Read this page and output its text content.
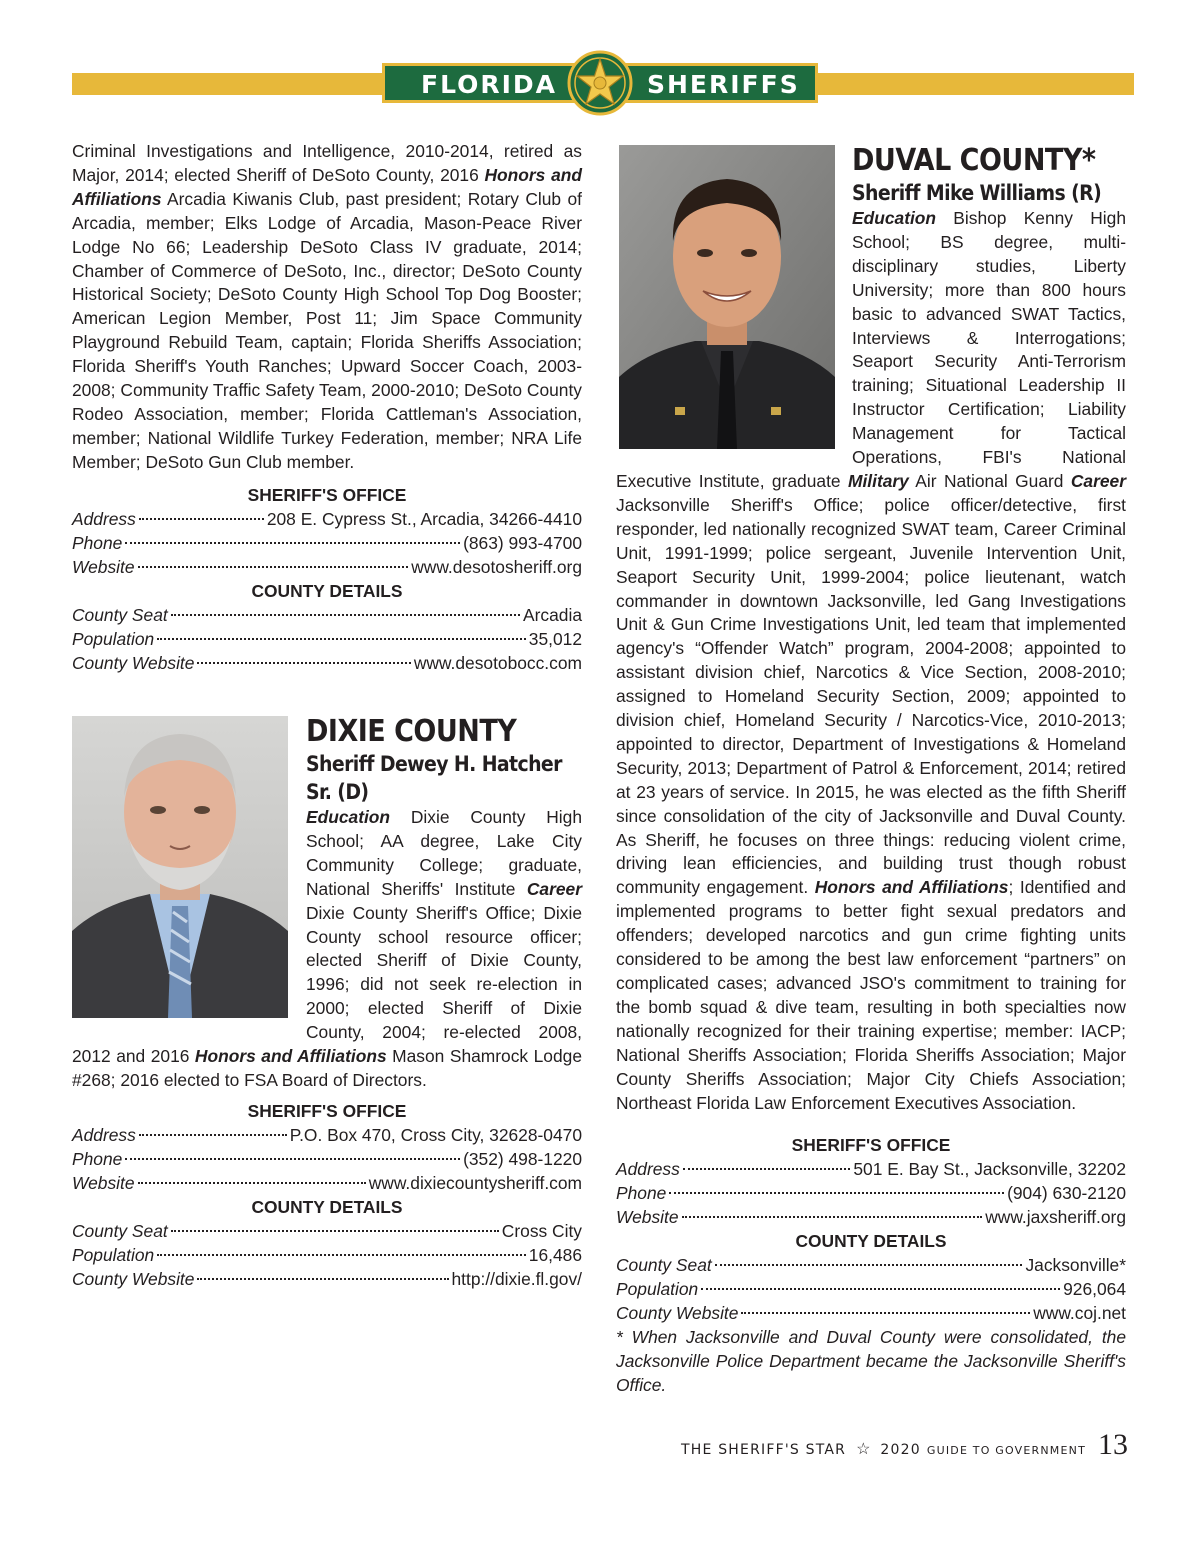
FLORIDA	SHERIFFS

Criminal Investigations and Intelligence, 2010-2014, retired as Major, 2014; elected Sheriff of DeSoto County, 2016 Honors and Affiliations Arcadia Kiwanis Club, past president; Rotary Club of Arcadia, member; Elks Lodge of Arcadia, Mason-Peace River Lodge No 66; Leadership DeSoto Class IV graduate, 2014; Chamber of Commerce of DeSoto, Inc., director; DeSoto County Historical Society; DeSoto County High School Top Dog Booster; American Legion Member, Post 11; Jim Space Community Playground Rebuild Team, captain; Florida Sheriffs Association; Florida Sheriff's Youth Ranches; Upward Soccer Coach, 2003-2008; Community Traffic Safety Team, 2000-2010; DeSoto County Rodeo Association, member; Florida Cattleman's Association, member; National Wildlife Turkey Federation, member; NRA Life Member; DeSoto Gun Club member.

SHERIFF'S OFFICE
Address	208 E. Cypress St., Arcadia, 34266-4410
Phone	(863) 993-4700
Website	www.desotosheriff.org
COUNTY DETAILS
County Seat	Arcadia
Population	35,012
County Website	www.desotobocc.com
DIXIE COUNTY
Sheriff Dewey H. Hatcher Sr. (D)

Education Dixie County High School; AA degree, Lake City Community College; graduate, National Sheriffs' Institute Career Dixie County Sheriff's Office; Dixie County school resource officer; elected Sheriff of Dixie County, 1996; did not seek re-election in 2000; elected Sheriff of Dixie County, 2004; re-elected 2008, 2012 and 2016 Honors and Affiliations Mason Shamrock Lodge #268; 2016 elected to FSA Board of Directors.

SHERIFF'S OFFICE
Address	P.O. Box 470, Cross City, 32628-0470
Phone	(352) 498-1220
Website	www.dixiecountysheriff.com
COUNTY DETAILS
County Seat	Cross City
Population	16,486
County Website	http://dixie.fl.gov/
DUVAL COUNTY*
Sheriff Mike Williams (R)

Education Bishop Kenny High School; BS degree, multi-disciplinary studies, Liberty University; more than 800 hours basic to advanced SWAT Tactics, Interviews & Interrogations; Seaport Security Anti-Terrorism training; Situational Leadership II Instructor Certification; Liability Management for Tactical Operations, FBI's National Executive Institute, graduate Military Air National Guard Career Jacksonville Sheriff's Office; police officer/detective, first responder, led nationally recognized SWAT team, Career Criminal Unit, 1991-1999; police sergeant, Juvenile Intervention Unit, Seaport Security Unit, 1999-2004; police lieutenant, watch commander in downtown Jacksonville, led Gang Investigations Unit & Gun Crime Investigations Unit, led team that implemented agency's “Offender Watch” program, 2004-2008; appointed to assistant division chief, Narcotics & Vice Section, 2008-2010; assigned to Homeland Security Section, 2009; appointed to division chief, Homeland Security / Narcotics-Vice, 2010-2013; appointed to director, Department of Investigations & Homeland Security, 2013; Department of Patrol & Enforcement, 2014; retired at 23 years of service. In 2015, he was elected as the fifth Sheriff since consolidation of the city of Jacksonville and Duval County. As Sheriff, he focuses on three things: reducing violent crime, driving lean efficiencies, and building trust though robust community engagement. Honors and Affiliations; Identified and implemented programs to better fight sexual predators and offenders; developed narcotics and gun crime fighting units considered to be among the best law enforcement “partners” on complicated cases; advanced JSO's commitment to training for the bomb squad & dive team, resulting in both specialties now nationally recognized for their training expertise; member: IACP; National Sheriffs Association; Florida Sheriffs Association; Major County Sheriffs Association; Major City Chiefs Association; Northeast Florida Law Enforcement Executives Association.

SHERIFF'S OFFICE
Address	501 E. Bay St., Jacksonville, 32202
Phone	(904) 630-2120
Website	www.jaxsheriff.org
COUNTY DETAILS
County Seat	Jacksonville*
Population	926,064
County Website	www.coj.net

* When Jacksonville and Duval County were consolidated, the Jacksonville Police Department became the Jacksonville Sheriff's Office.

THE SHERIFF'S STAR ☆ 2020 GUIDE TO GOVERNMENT 13
